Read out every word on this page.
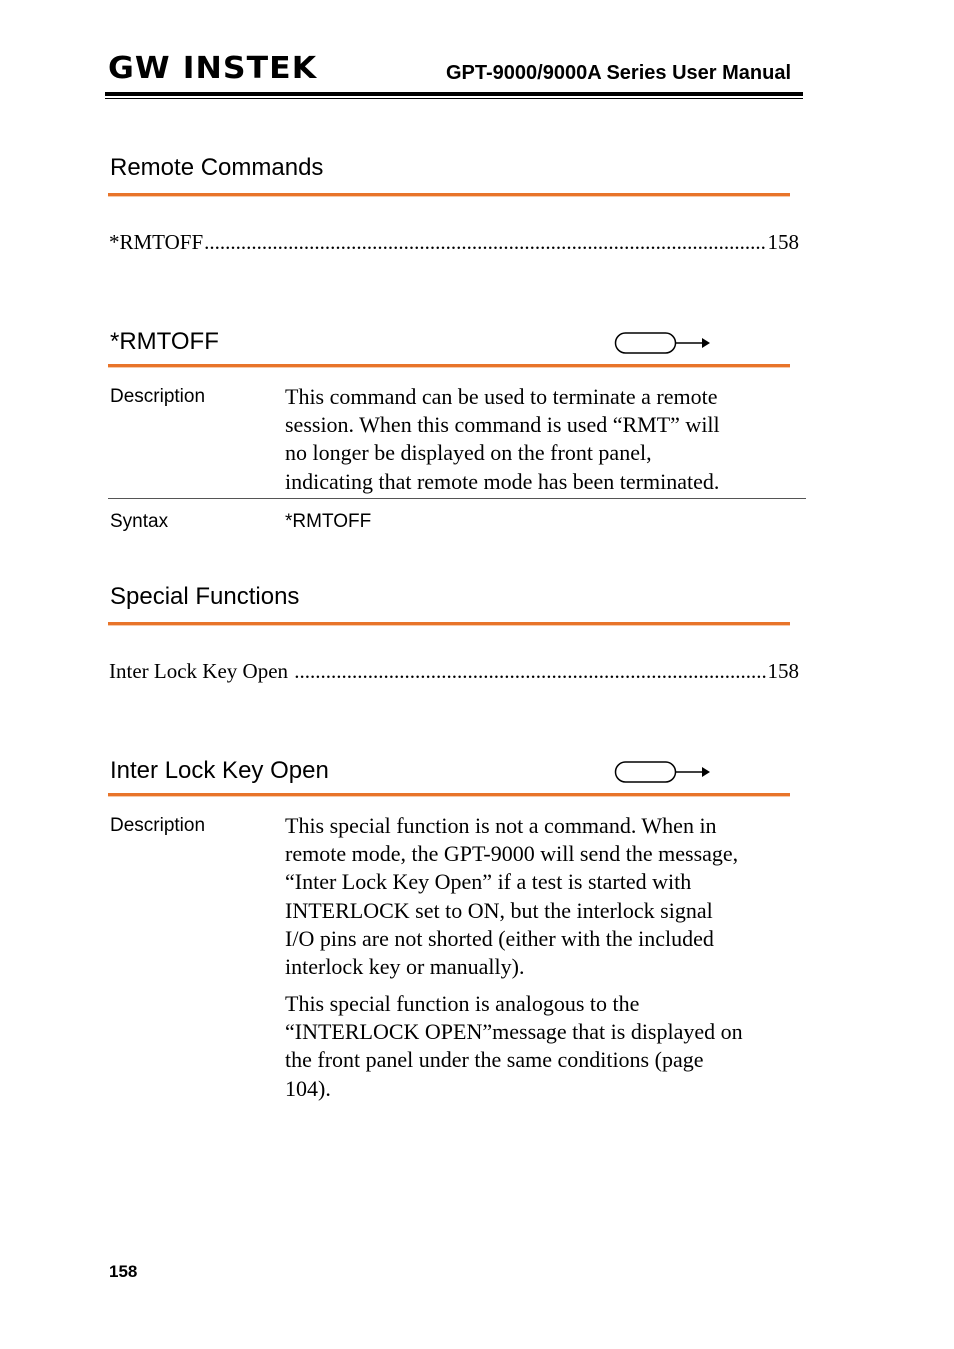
GW INSTEK	GPT-9000/9000A Series User Manual
Remote Commands
*RMTOFF .....	158
*RMTOFF
Description	This command can be used to terminate a remote
session. When this command is used “RMT” will
no longer be displayed on the front panel,
indicating that remote mode has been terminated.
Syntax	*RMTOFF
Special Functions
Inter Lock Key Open .....	158
Inter Lock Key Open
Description	This special function is not a command. When in
remote mode, the GPT-9000 will send the message,
“Inter Lock Key Open” if a test is started with
INTERLOCK set to ON, but the interlock signal
I/O pins are not shorted (either with the included
interlock key or manually).
This special function is analogous to the
“INTERLOCK OPEN”message that is displayed on
the front panel under the same conditions (page
104).
158
